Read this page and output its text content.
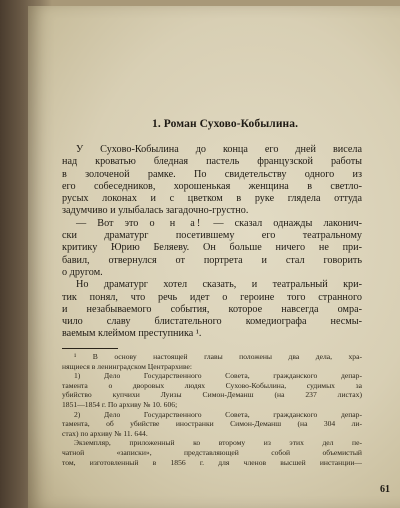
1. Роман Сухово-Кобылина.
У Сухово-Кобылина до конца его дней висела
над кроватью бледная пастель французской работы
в золоченой рамке. По свидетельству одного из
его собеседников, хорошенькая женщина в светло-
русых локонах и с цветком в руке глядела оттуда
задумчиво и улыбалась загадочно-грустно.
— Вот это о н а! — сказал однажды лаконич-
ски драматург посетившему его театральному
критику Юрию Беляеву. Он больше ничего не при-
бавил, отвернулся от портрета и стал говорить
о другом.
Но драматург хотел сказать, и театральный кри-
тик понял, что речь идет о героине того странного
и незабываемого события, которое навсегда омра-
чило славу блистательного комедиографа несмы-
ваемым клеймом преступника ¹.
¹ В основу настоящей главы положены два дела, хра-
нящиеся в ленинградском Центрархиве:
1) Дело Государственного Совета, гражданского депар-
тамента о дворовых людях Сухово-Кобылина, судимых за
убийство купчихи Луизы Симон-Деманш (на 237 листах)
1851—1854 г. По архиву № 10. 606;
2) Дело Государственного Совета, гражданского депар-
тамента, об убийстве иностранки Симон-Деманш (на 304 ли-
стах) по архиву № 11. 644.
Экземпляр, приложенный ко второму из этих дел пе-
чатной «записки», представляющей собой объемистый
том, изготовленный в 1856 г. для членов высшей инстанции—
61
